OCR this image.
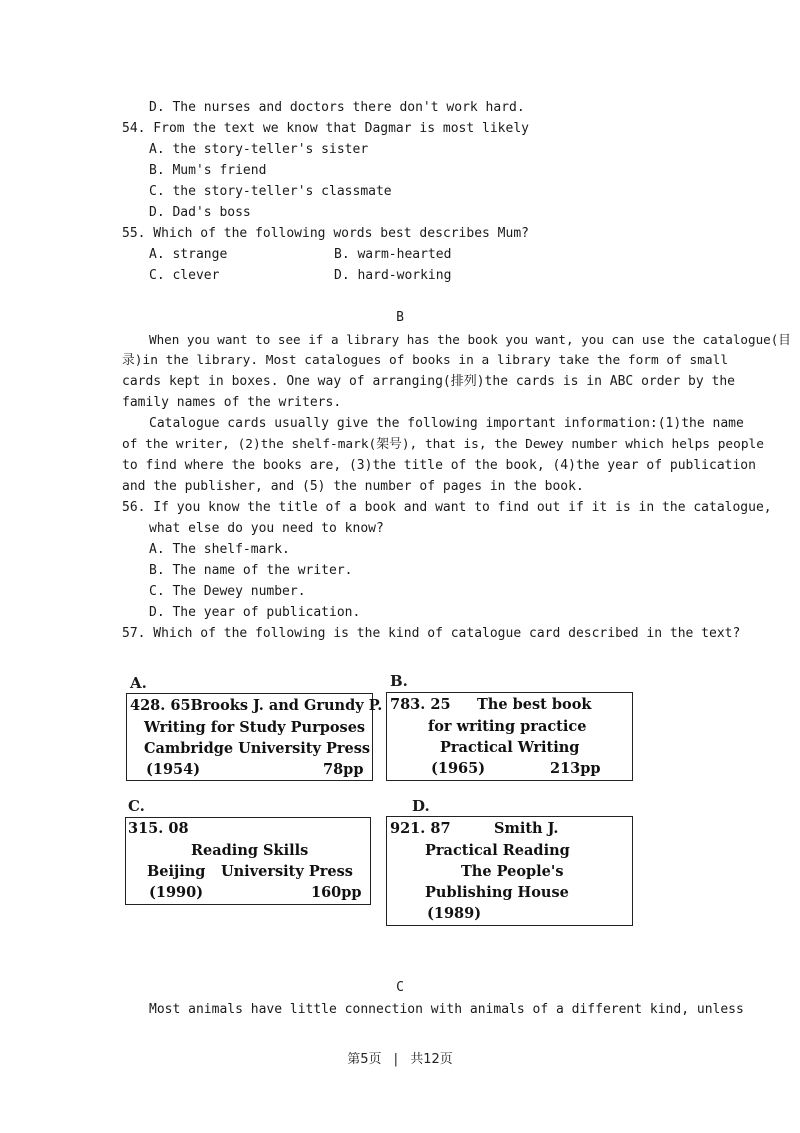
D. The nurses and doctors there don't work hard.
54. From the text we know that Dagmar is most likely
A. the story-teller's sister
B. Mum's friend
C. the story-teller's classmate
D. Dad's boss
55. Which of the following words best describes Mum?
A. strange	B. warm-hearted
C. clever	D. hard-working
B
When you want to see if a library has the book you want, you can use the catalogue(目
录)in the library. Most catalogues of books in a library take the form of small
cards kept in boxes. One way of arranging(排列)the cards is in ABC order by the
family names of the writers.
Catalogue cards usually give the following important information:(1)the name
of the writer, (2)the shelf-mark(架号), that is, the Dewey number which helps people
to find where the books are, (3)the title of the book, (4)the year of publication
and the publisher, and (5) the number of pages in the book.
56. If you know the title of a book and want to find out if it is in the catalogue,
what else do you need to know?
A. The shelf-mark.
B. The name of the writer.
C. The Dewey number.
D. The year of publication.
57. Which of the following is the kind of catalogue card described in the text?
A.
428. 65Brooks J. and Grundy P.
Writing for Study Purposes
Cambridge University Press
(1954)	78pp
B.
783. 25 The best book
for writing practice
Practical Writing
(1965)	213pp
C.
315. 08
Reading Skills
Beijing University Press
(1990)	160pp
D.
921. 87	Smith J.
Practical Reading
The People's
Publishing House
(1989)
C
Most animals have little connection with animals of a different kind, unless
第5页 | 共12页
